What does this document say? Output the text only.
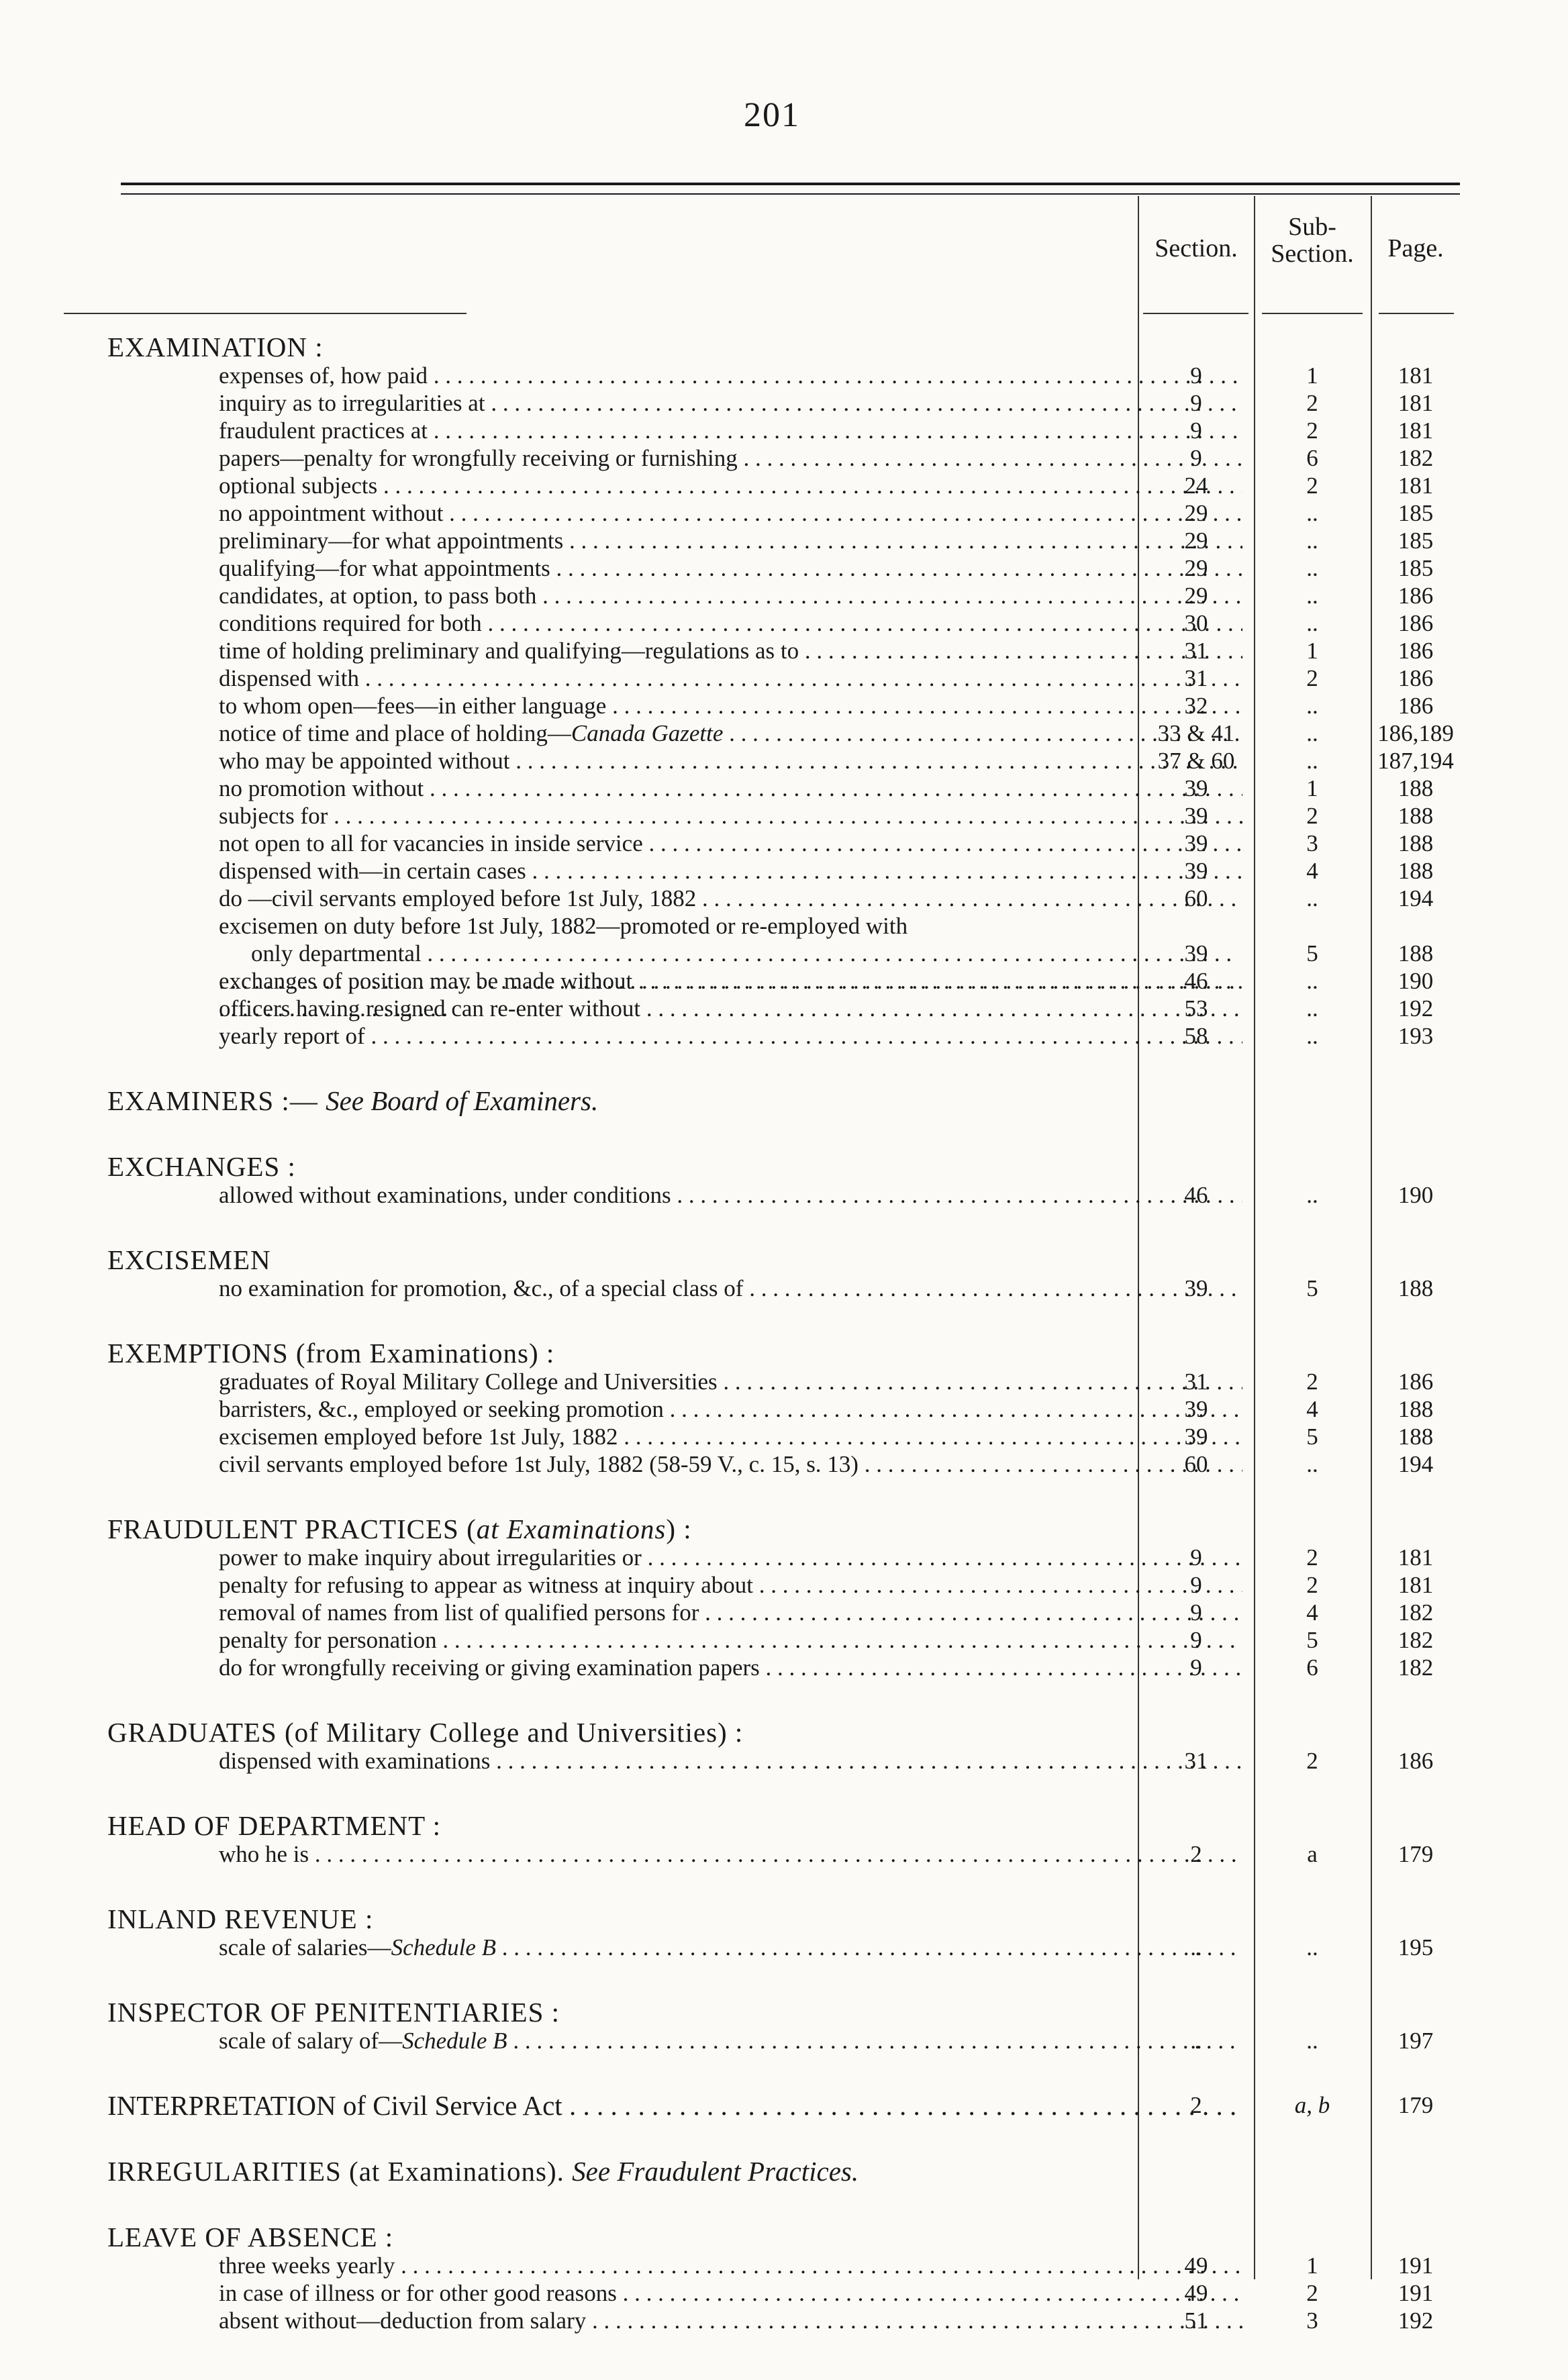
201
Section.
Sub-
Section.	Page.
EXAMINATION :
expenses of, how paid . . .	9	1	181
inquiry as to irregularities at . . .	9	2	181
fraudulent practices at . . .	9	2	181
papers—penalty for wrongfully receiving or furnishing . . .	9	6	182
optional subjects . . .	24	2	181
no appointment without . . .	29	..	185
preliminary—for what appointments . . .	29	..	185
qualifying—for what appointments . . .	29	..	185
candidates, at option, to pass both . . .	29	..	186
conditions required for both . . .	30	..	186
time of holding preliminary and qualifying—regulations as to . . .	31	1	186
dispensed with . . .	31	2	186
to whom open—fees—in either language . . .	32	..	186
notice of time and place of holding—Canada Gazette . . .	33 & 41	..	186,189
who may be appointed without . . .	37 & 60	..	187,194
no promotion without . . .	39	1	188
subjects for . . .	39	2	188
not open to all for vacancies in inside service . . .	39	3	188
dispensed with—in certain cases . . .	39	4	188
do —civil servants employed before 1st July, 1882 . . .	60	..	194
excisemen on duty before 1st July, 1882—promoted or re-employed with
only departmental . . .	39	5	188
exchanges of position may be made without . . .	46	..	190
officers having resigned can re-enter without . . .	53	..	192
yearly report of . . .	58	..	193
EXAMINERS :— See Board of Examiners.
EXCHANGES :
allowed without examinations, under conditions . . .	46	..	190
EXCISEMEN
no examination for promotion, &c., of a special class of . . .	39	5	188
EXEMPTIONS (from Examinations) :
graduates of Royal Military College and Universities . . .	31	2	186
barristers, &c., employed or seeking promotion . . .	39	4	188
excisemen employed before 1st July, 1882 . . .	39	5	188
civil servants employed before 1st July, 1882 (58-59 V., c. 15, s. 13) . . .	60	..	194
FRAUDULENT PRACTICES (at Examinations) :
power to make inquiry about irregularities or . . .	9	2	181
penalty for refusing to appear as witness at inquiry about . . .	9	2	181
removal of names from list of qualified persons for . . .	9	4	182
penalty for personation . . .	9	5	182
do for wrongfully receiving or giving examination papers . . .	9	6	182
GRADUATES (of Military College and Universities) :
dispensed with examinations . . .	31	2	186
HEAD OF DEPARTMENT :
who he is . . .	2	a	179
INLAND REVENUE :
scale of salaries—Schedule B . . .	..	..	195
INSPECTOR OF PENITENTIARIES :
scale of salary of—Schedule B . . .	..	..	197
INTERPRETATION of Civil Service Act . . .	2	a, b	179
IRREGULARITIES (at Examinations). See Fraudulent Practices.
LEAVE OF ABSENCE :
three weeks yearly . . .	49	1	191
in case of illness or for other good reasons . . .	49	2	191
absent without—deduction from salary . . .	51	3	192
